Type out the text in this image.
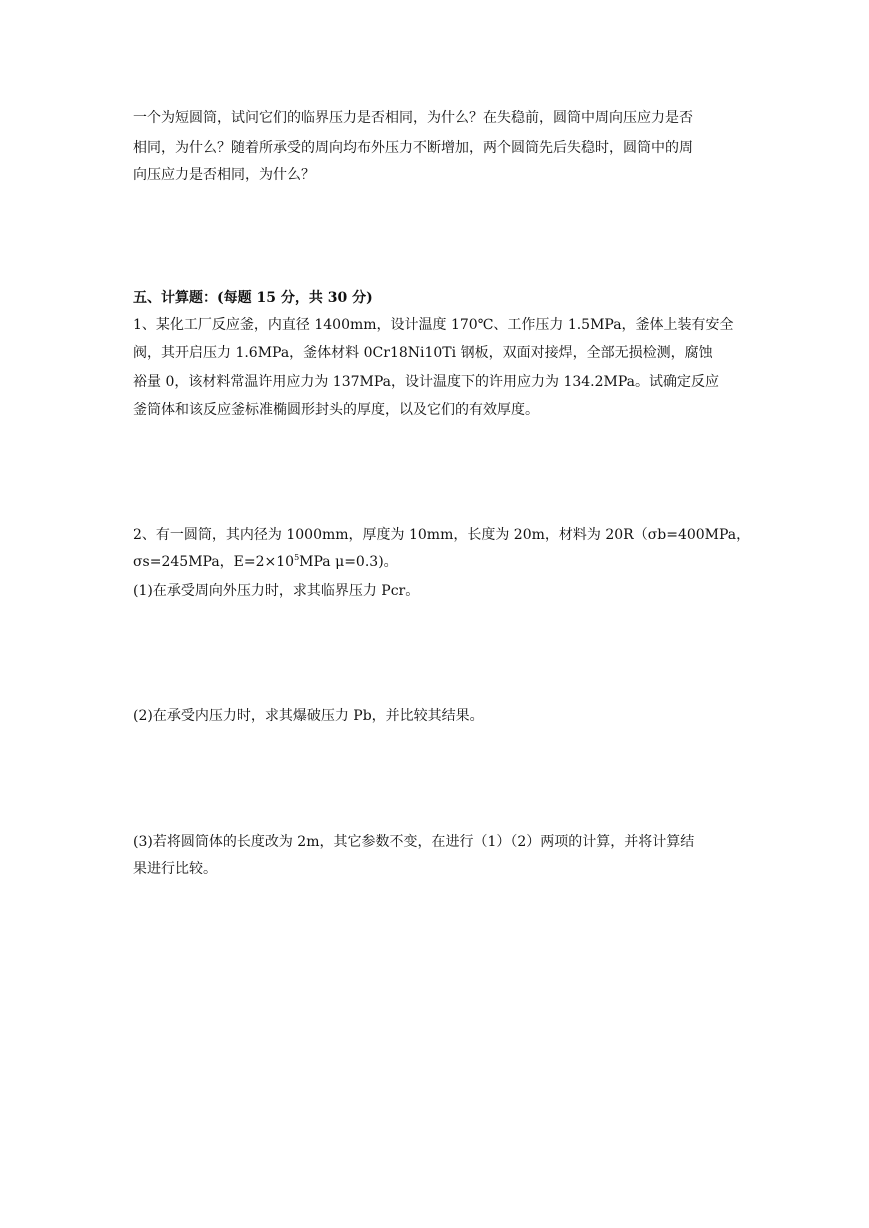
一个为短圆筒，试问它们的临界压力是否相同，为什么？在失稳前，圆筒中周向压应力是否
相同，为什么？随着所承受的周向均布外压力不断增加，两个圆筒先后失稳时，圆筒中的周
向压应力是否相同，为什么？
五、计算题：(每题 15 分，共 30 分)
1、某化工厂反应釜，内直径 1400mm，设计温度 170℃、工作压力 1.5MPa，釜体上装有安全
阀，其开启压力 1.6MPa，釜体材料 0Cr18Ni10Ti 钢板，双面对接焊，全部无损检测，腐蚀
裕量 0，该材料常温许用应力为 137MPa，设计温度下的许用应力为 134.2MPa。试确定反应
釜筒体和该反应釜标准椭圆形封头的厚度，以及它们的有效厚度。
2、有一圆筒，其内径为 1000mm，厚度为 10mm，长度为 20m，材料为 20R（σb=400MPa，
σs=245MPa，$E=2\times 10^5MPa$ μ=0.3)。
(1)在承受周向外压力时，求其临界压力 Pcr。
(2)在承受内压力时，求其爆破压力 Pb，并比较其结果。
(3)若将圆筒体的长度改为 2m，其它参数不变，在进行（1）（2）两项的计算，并将计算结
果进行比较。
